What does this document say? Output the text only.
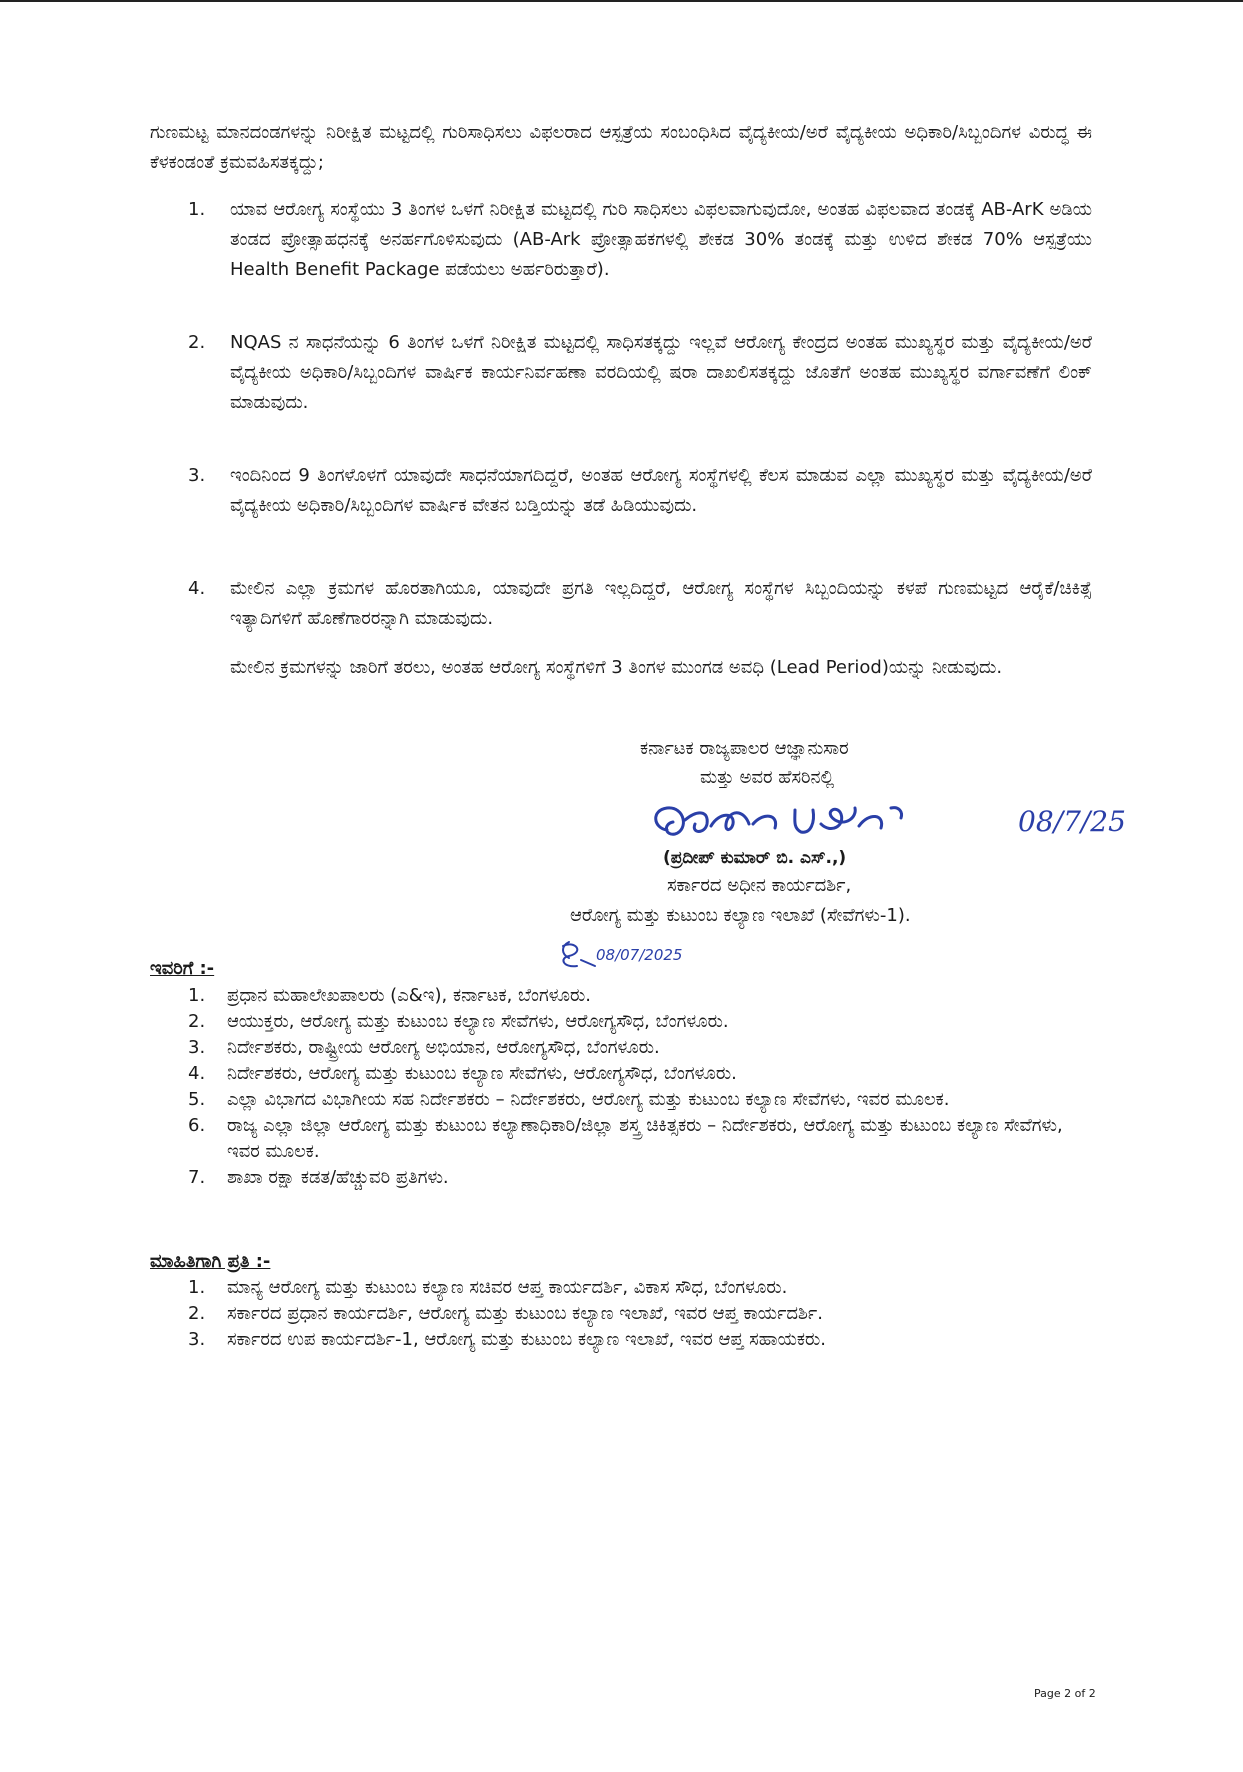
ಗುಣಮಟ್ಟ ಮಾನದಂಡಗಳನ್ನು ನಿರೀಕ್ಷಿತ ಮಟ್ಟದಲ್ಲಿ ಗುರಿಸಾಧಿಸಲು ವಿಫಲರಾದ ಆಸ್ಪತ್ರೆಯ ಸಂಬಂಧಿಸಿದ ವೈದ್ಯಕೀಯ/ಅರೆ ವೈದ್ಯಕೀಯ ಅಧಿಕಾರಿ/ಸಿಬ್ಬಂದಿಗಳ ವಿರುದ್ಧ ಈ ಕೆಳಕಂಡಂತೆ ಕ್ರಮವಹಿಸತಕ್ಕದ್ದು;

1. ಯಾವ ಆರೋಗ್ಯ ಸಂಸ್ಥೆಯು 3 ತಿಂಗಳ ಒಳಗೆ ನಿರೀಕ್ಷಿತ ಮಟ್ಟದಲ್ಲಿ ಗುರಿ ಸಾಧಿಸಲು ವಿಫಲವಾಗುವುದೋ, ಅಂತಹ ವಿಫಲವಾದ ತಂಡಕ್ಕೆ AB-ArK ಅಡಿಯ ತಂಡದ ಪ್ರೋತ್ಸಾಹಧನಕ್ಕೆ ಅನರ್ಹಗೊಳಿಸುವುದು (AB-Ark ಪ್ರೋತ್ಸಾಹಕಗಳಲ್ಲಿ ಶೇಕಡ 30% ತಂಡಕ್ಕೆ ಮತ್ತು ಉಳಿದ ಶೇಕಡ 70% ಆಸ್ಪತ್ರೆಯು Health Benefit Package ಪಡೆಯಲು ಅರ್ಹರಿರುತ್ತಾರೆ).
2. NQAS ನ ಸಾಧನೆಯನ್ನು 6 ತಿಂಗಳ ಒಳಗೆ ನಿರೀಕ್ಷಿತ ಮಟ್ಟದಲ್ಲಿ ಸಾಧಿಸತಕ್ಕದ್ದು ಇಲ್ಲವೆ ಆರೋಗ್ಯ ಕೇಂದ್ರದ ಅಂತಹ ಮುಖ್ಯಸ್ಥರ ಮತ್ತು ವೈದ್ಯಕೀಯ/ಅರೆ ವೈದ್ಯಕೀಯ ಅಧಿಕಾರಿ/ಸಿಬ್ಬಂದಿಗಳ ವಾರ್ಷಿಕ ಕಾರ್ಯನಿರ್ವಹಣಾ ವರದಿಯಲ್ಲಿ ಷರಾ ದಾಖಲಿಸತಕ್ಕದ್ದು ಜೊತೆಗೆ ಅಂತಹ ಮುಖ್ಯಸ್ಥರ ವರ್ಗಾವಣೆಗೆ ಲಿಂಕ್ ಮಾಡುವುದು.
3. ಇಂದಿನಿಂದ 9 ತಿಂಗಳೊಳಗೆ ಯಾವುದೇ ಸಾಧನೆಯಾಗದಿದ್ದರೆ, ಅಂತಹ ಆರೋಗ್ಯ ಸಂಸ್ಥೆಗಳಲ್ಲಿ ಕೆಲಸ ಮಾಡುವ ಎಲ್ಲಾ ಮುಖ್ಯಸ್ಥರ ಮತ್ತು ವೈದ್ಯಕೀಯ/ಅರೆ ವೈದ್ಯಕೀಯ ಅಧಿಕಾರಿ/ಸಿಬ್ಬಂದಿಗಳ ವಾರ್ಷಿಕ ವೇತನ ಬಡ್ತಿಯನ್ನು ತಡೆ ಹಿಡಿಯುವುದು.
4. ಮೇಲಿನ ಎಲ್ಲಾ ಕ್ರಮಗಳ ಹೊರತಾಗಿಯೂ, ಯಾವುದೇ ಪ್ರಗತಿ ಇಲ್ಲದಿದ್ದರೆ, ಆರೋಗ್ಯ ಸಂಸ್ಥೆಗಳ ಸಿಬ್ಬಂದಿಯನ್ನು ಕಳಪೆ ಗುಣಮಟ್ಟದ ಆರೈಕೆ/ಚಿಕಿತ್ಸೆ ಇತ್ಯಾದಿಗಳಿಗೆ ಹೊಣೆಗಾರರನ್ನಾಗಿ ಮಾಡುವುದು.

ಮೇಲಿನ ಕ್ರಮಗಳನ್ನು ಜಾರಿಗೆ ತರಲು, ಅಂತಹ ಆರೋಗ್ಯ ಸಂಸ್ಥೆಗಳಿಗೆ 3 ತಿಂಗಳ ಮುಂಗಡ ಅವಧಿ (Lead Period)ಯನ್ನು ನೀಡುವುದು.

ಕರ್ನಾಟಕ ರಾಜ್ಯಪಾಲರ ಆಜ್ಞಾನುಸಾರ
ಮತ್ತು ಅವರ ಹೆಸರಿನಲ್ಲಿ
08/7/25
(ಪ್ರದೀಪ್ ಕುಮಾರ್ ಬಿ. ಎಸ್.,)
ಸರ್ಕಾರದ ಅಧೀನ ಕಾರ್ಯದರ್ಶಿ,
ಆರೋಗ್ಯ ಮತ್ತು ಕುಟುಂಬ ಕಲ್ಯಾಣ ಇಲಾಖೆ (ಸೇವೆಗಳು-1).
08/07/2025
ಇವರಿಗೆ :-
1. ಪ್ರಧಾನ ಮಹಾಲೇಖಪಾಲರು (ಎ&ಇ), ಕರ್ನಾಟಕ, ಬೆಂಗಳೂರು.
2. ಆಯುಕ್ತರು, ಆರೋಗ್ಯ ಮತ್ತು ಕುಟುಂಬ ಕಲ್ಯಾಣ ಸೇವೆಗಳು, ಆರೋಗ್ಯಸೌಧ, ಬೆಂಗಳೂರು.
3. ನಿರ್ದೇಶಕರು, ರಾಷ್ಟ್ರೀಯ ಆರೋಗ್ಯ ಅಭಿಯಾನ, ಆರೋಗ್ಯಸೌಧ, ಬೆಂಗಳೂರು.
4. ನಿರ್ದೇಶಕರು, ಆರೋಗ್ಯ ಮತ್ತು ಕುಟುಂಬ ಕಲ್ಯಾಣ ಸೇವೆಗಳು, ಆರೋಗ್ಯಸೌಧ, ಬೆಂಗಳೂರು.
5. ಎಲ್ಲಾ ವಿಭಾಗದ ವಿಭಾಗೀಯ ಸಹ ನಿರ್ದೇಶಕರು – ನಿರ್ದೇಶಕರು, ಆರೋಗ್ಯ ಮತ್ತು ಕುಟುಂಬ ಕಲ್ಯಾಣ ಸೇವೆಗಳು, ಇವರ ಮೂಲಕ.
6. ರಾಜ್ಯ ಎಲ್ಲಾ ಜಿಲ್ಲಾ ಆರೋಗ್ಯ ಮತ್ತು ಕುಟುಂಬ ಕಲ್ಯಾಣಾಧಿಕಾರಿ/ಜಿಲ್ಲಾ ಶಸ್ತ್ರ ಚಿಕಿತ್ಸಕರು – ನಿರ್ದೇಶಕರು, ಆರೋಗ್ಯ ಮತ್ತು ಕುಟುಂಬ ಕಲ್ಯಾಣ ಸೇವೆಗಳು, ಇವರ ಮೂಲಕ.
7. ಶಾಖಾ ರಕ್ಷಾ ಕಡತ/ಹೆಚ್ಚುವರಿ ಪ್ರತಿಗಳು.
ಮಾಹಿತಿಗಾಗಿ ಪ್ರತಿ :-
1. ಮಾನ್ಯ ಆರೋಗ್ಯ ಮತ್ತು ಕುಟುಂಬ ಕಲ್ಯಾಣ ಸಚಿವರ ಆಪ್ತ ಕಾರ್ಯದರ್ಶಿ, ವಿಕಾಸ ಸೌಧ, ಬೆಂಗಳೂರು.
2. ಸರ್ಕಾರದ ಪ್ರಧಾನ ಕಾರ್ಯದರ್ಶಿ, ಆರೋಗ್ಯ ಮತ್ತು ಕುಟುಂಬ ಕಲ್ಯಾಣ ಇಲಾಖೆ, ಇವರ ಆಪ್ತ ಕಾರ್ಯದರ್ಶಿ.
3. ಸರ್ಕಾರದ ಉಪ ಕಾರ್ಯದರ್ಶಿ-1, ಆರೋಗ್ಯ ಮತ್ತು ಕುಟುಂಬ ಕಲ್ಯಾಣ ಇಲಾಖೆ, ಇವರ ಆಪ್ತ ಸಹಾಯಕರು.
Page 2 of 2
